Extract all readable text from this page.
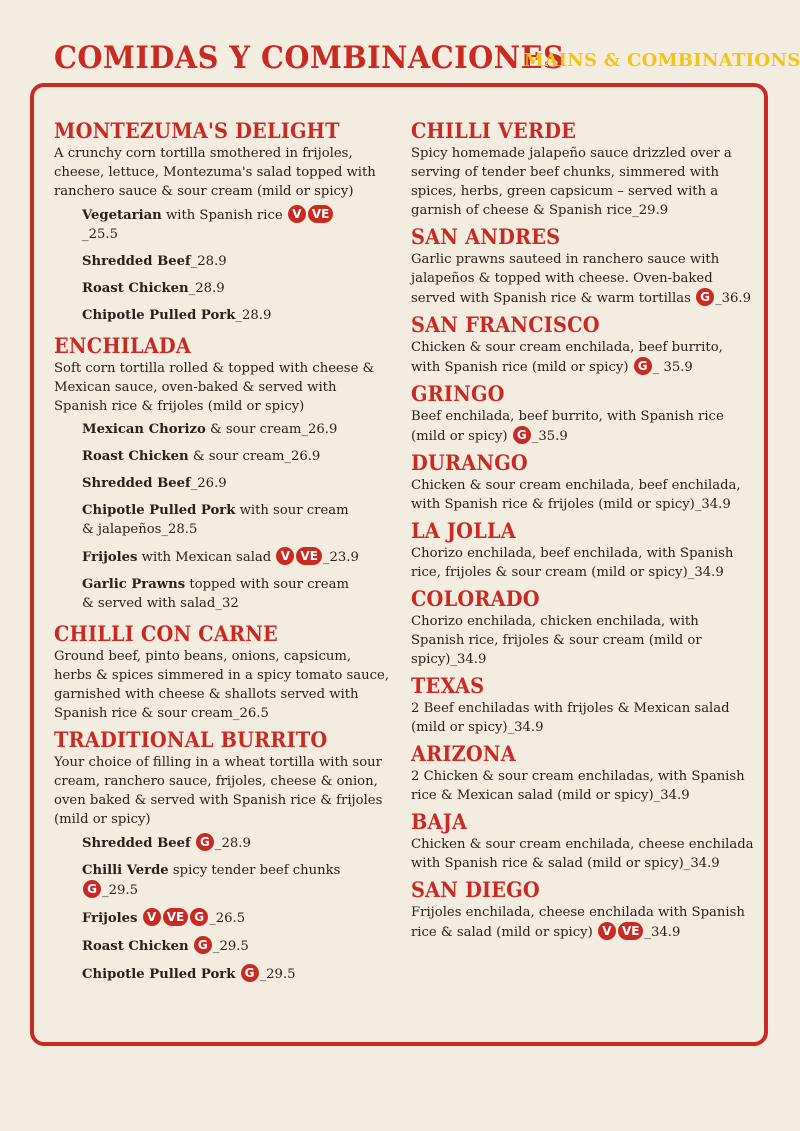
COMIDAS Y COMBINACIONES
MAINS & COMBINATIONS
MONTEZUMA'S DELIGHT

A crunchy corn tortilla smothered in frijoles, cheese, lettuce, Montezuma's salad topped with ranchero sauce & sour cream (mild or spicy)

Vegetarian with Spanish rice V VE_25.5
Shredded Beef_28.9
Roast Chicken_28.9
Chipotle Pulled Pork_28.9
ENCHILADA

Soft corn tortilla rolled & topped with cheese & Mexican sauce, oven-baked & served with Spanish rice & frijoles (mild or spicy)

Mexican Chorizo & sour cream_26.9
Roast Chicken & sour cream_26.9
Shredded Beef_26.9
Chipotle Pulled Pork with sour cream & jalapeños_28.5
Frijoles with Mexican salad V VE _23.9
Garlic Prawns topped with sour cream & served with salad_32
CHILLI CON CARNE

Ground beef, pinto beans, onions, capsicum, herbs & spices simmered in a spicy tomato sauce, garnished with cheese & shallots served with Spanish rice & sour cream_26.5

TRADITIONAL BURRITO

Your choice of filling in a wheat tortilla with sour cream, ranchero sauce, frijoles, cheese & onion, oven baked & served with Spanish rice & frijoles (mild or spicy)

Shredded Beef G _28.9
Chilli Verde spicy tender beef chunks G _29.5
Frijoles V VE G _26.5
Roast Chicken G _29.5
Chipotle Pulled Pork G _29.5
CHILLI VERDE

Spicy homemade jalapeño sauce drizzled over a serving of tender beef chunks, simmered with spices, herbs, green capsicum – served with a garnish of cheese & Spanish rice_29.9

SAN ANDRES

Garlic prawns sauteed in ranchero sauce with jalapeños & topped with cheese. Oven-baked served with Spanish rice & warm tortillas G _36.9

SAN FRANCISCO

Chicken & sour cream enchilada, beef burrito, with Spanish rice (mild or spicy) G _ 35.9

GRINGO

Beef enchilada, beef burrito, with Spanish rice (mild or spicy) G _35.9

DURANGO

Chicken & sour cream enchilada, beef enchilada, with Spanish rice & frijoles (mild or spicy)_34.9

LA JOLLA

Chorizo enchilada, beef enchilada, with Spanish rice, frijoles & sour cream (mild or spicy)_34.9

COLORADO

Chorizo enchilada, chicken enchilada, with Spanish rice, frijoles & sour cream (mild or spicy)_34.9

TEXAS

2 Beef enchiladas with frijoles & Mexican salad (mild or spicy)_34.9

ARIZONA

2 Chicken & sour cream enchiladas, with Spanish rice & Mexican salad (mild or spicy)_34.9

BAJA

Chicken & sour cream enchilada, cheese enchilada with Spanish rice & salad (mild or spicy)_34.9

SAN DIEGO

Frijoles enchilada, cheese enchilada with Spanish rice & salad (mild or spicy) V VE _34.9
